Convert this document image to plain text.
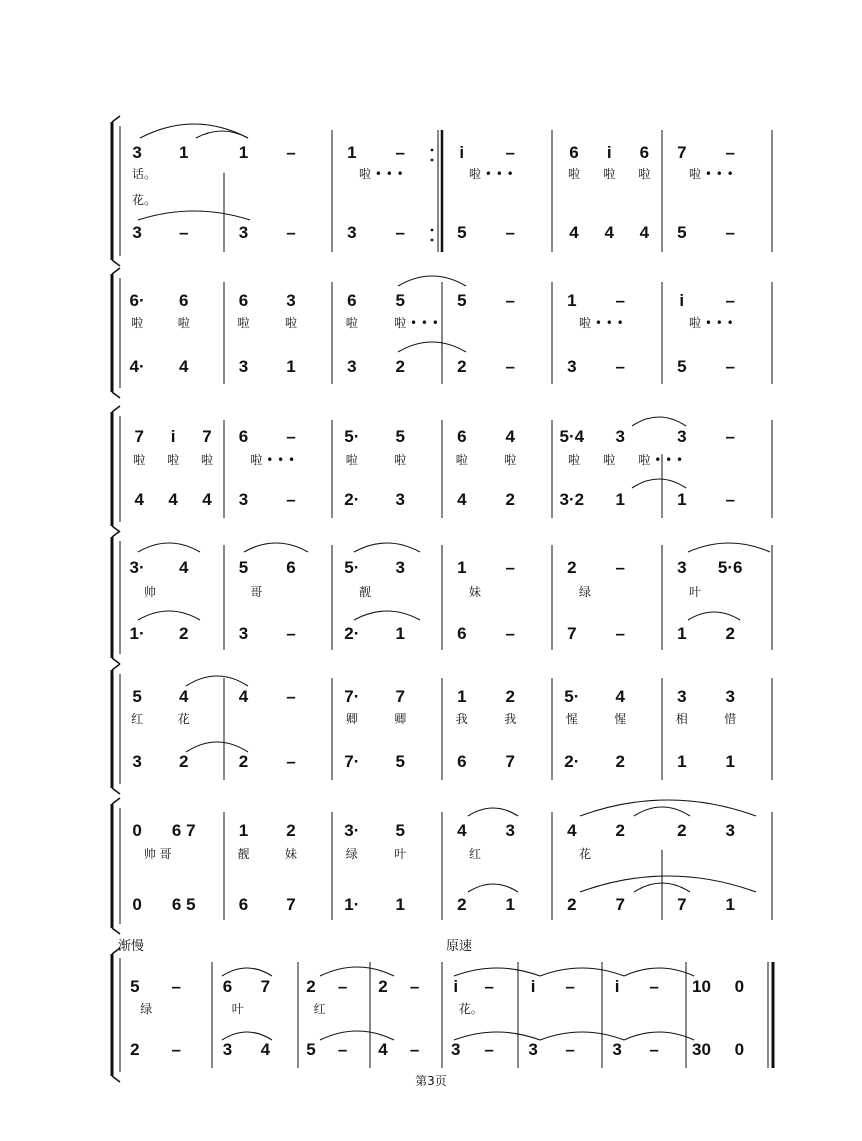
3 1
3 –
话。
花。
1 –
3 –
1 –
3 –
啦 • • •
i –
5 –
啦 • • •
6 i 6
4 4 4
啦 啦 啦
7 –
5 –
啦 • • •
6· 6
4· 4
啦	啦
6 3
3 1
啦	啦
6 5
3 2
啦	啦 • • •
5 –
2 –
1 –
3 –
啦 • • •
i –
5 –
啦 • • •
7 i 7
4 4 4
啦 啦 啦
6 –
3 –
啦 • • •
5· 5
2· 3
啦	啦
6 4
4 2
啦	啦
5·4 3
3·2 1
啦 啦 啦 • • •
3 –
1 –
3· 4
1· 2
帅
5 6
3 –
哥
5· 3
2· 1
靓
1 –
6 –
妹
2 –
7 –
绿
3 5·6
1 2
叶
5 4
3 2
红	花
4 –
2 –
7· 7
7· 5
卿	卿
1 2
6 7
我	我
5· 4
2· 2
惺	惺
3 3
1 1
相	惜
0 6 7
0 6 5
帅 哥
1 2
6 7
靓	妹
3· 5
1· 1
绿	叶
4 3
2 1
红
4 2
2 7
花
2 3
7 1
5 –
2 –
绿
6 7
3 4
叶
2 –
5 –
红
2 –
4 –
i –
3 –
花。
i –
3 –
i –
3 –
10 0
30 0
渐慢	原速
第3页
